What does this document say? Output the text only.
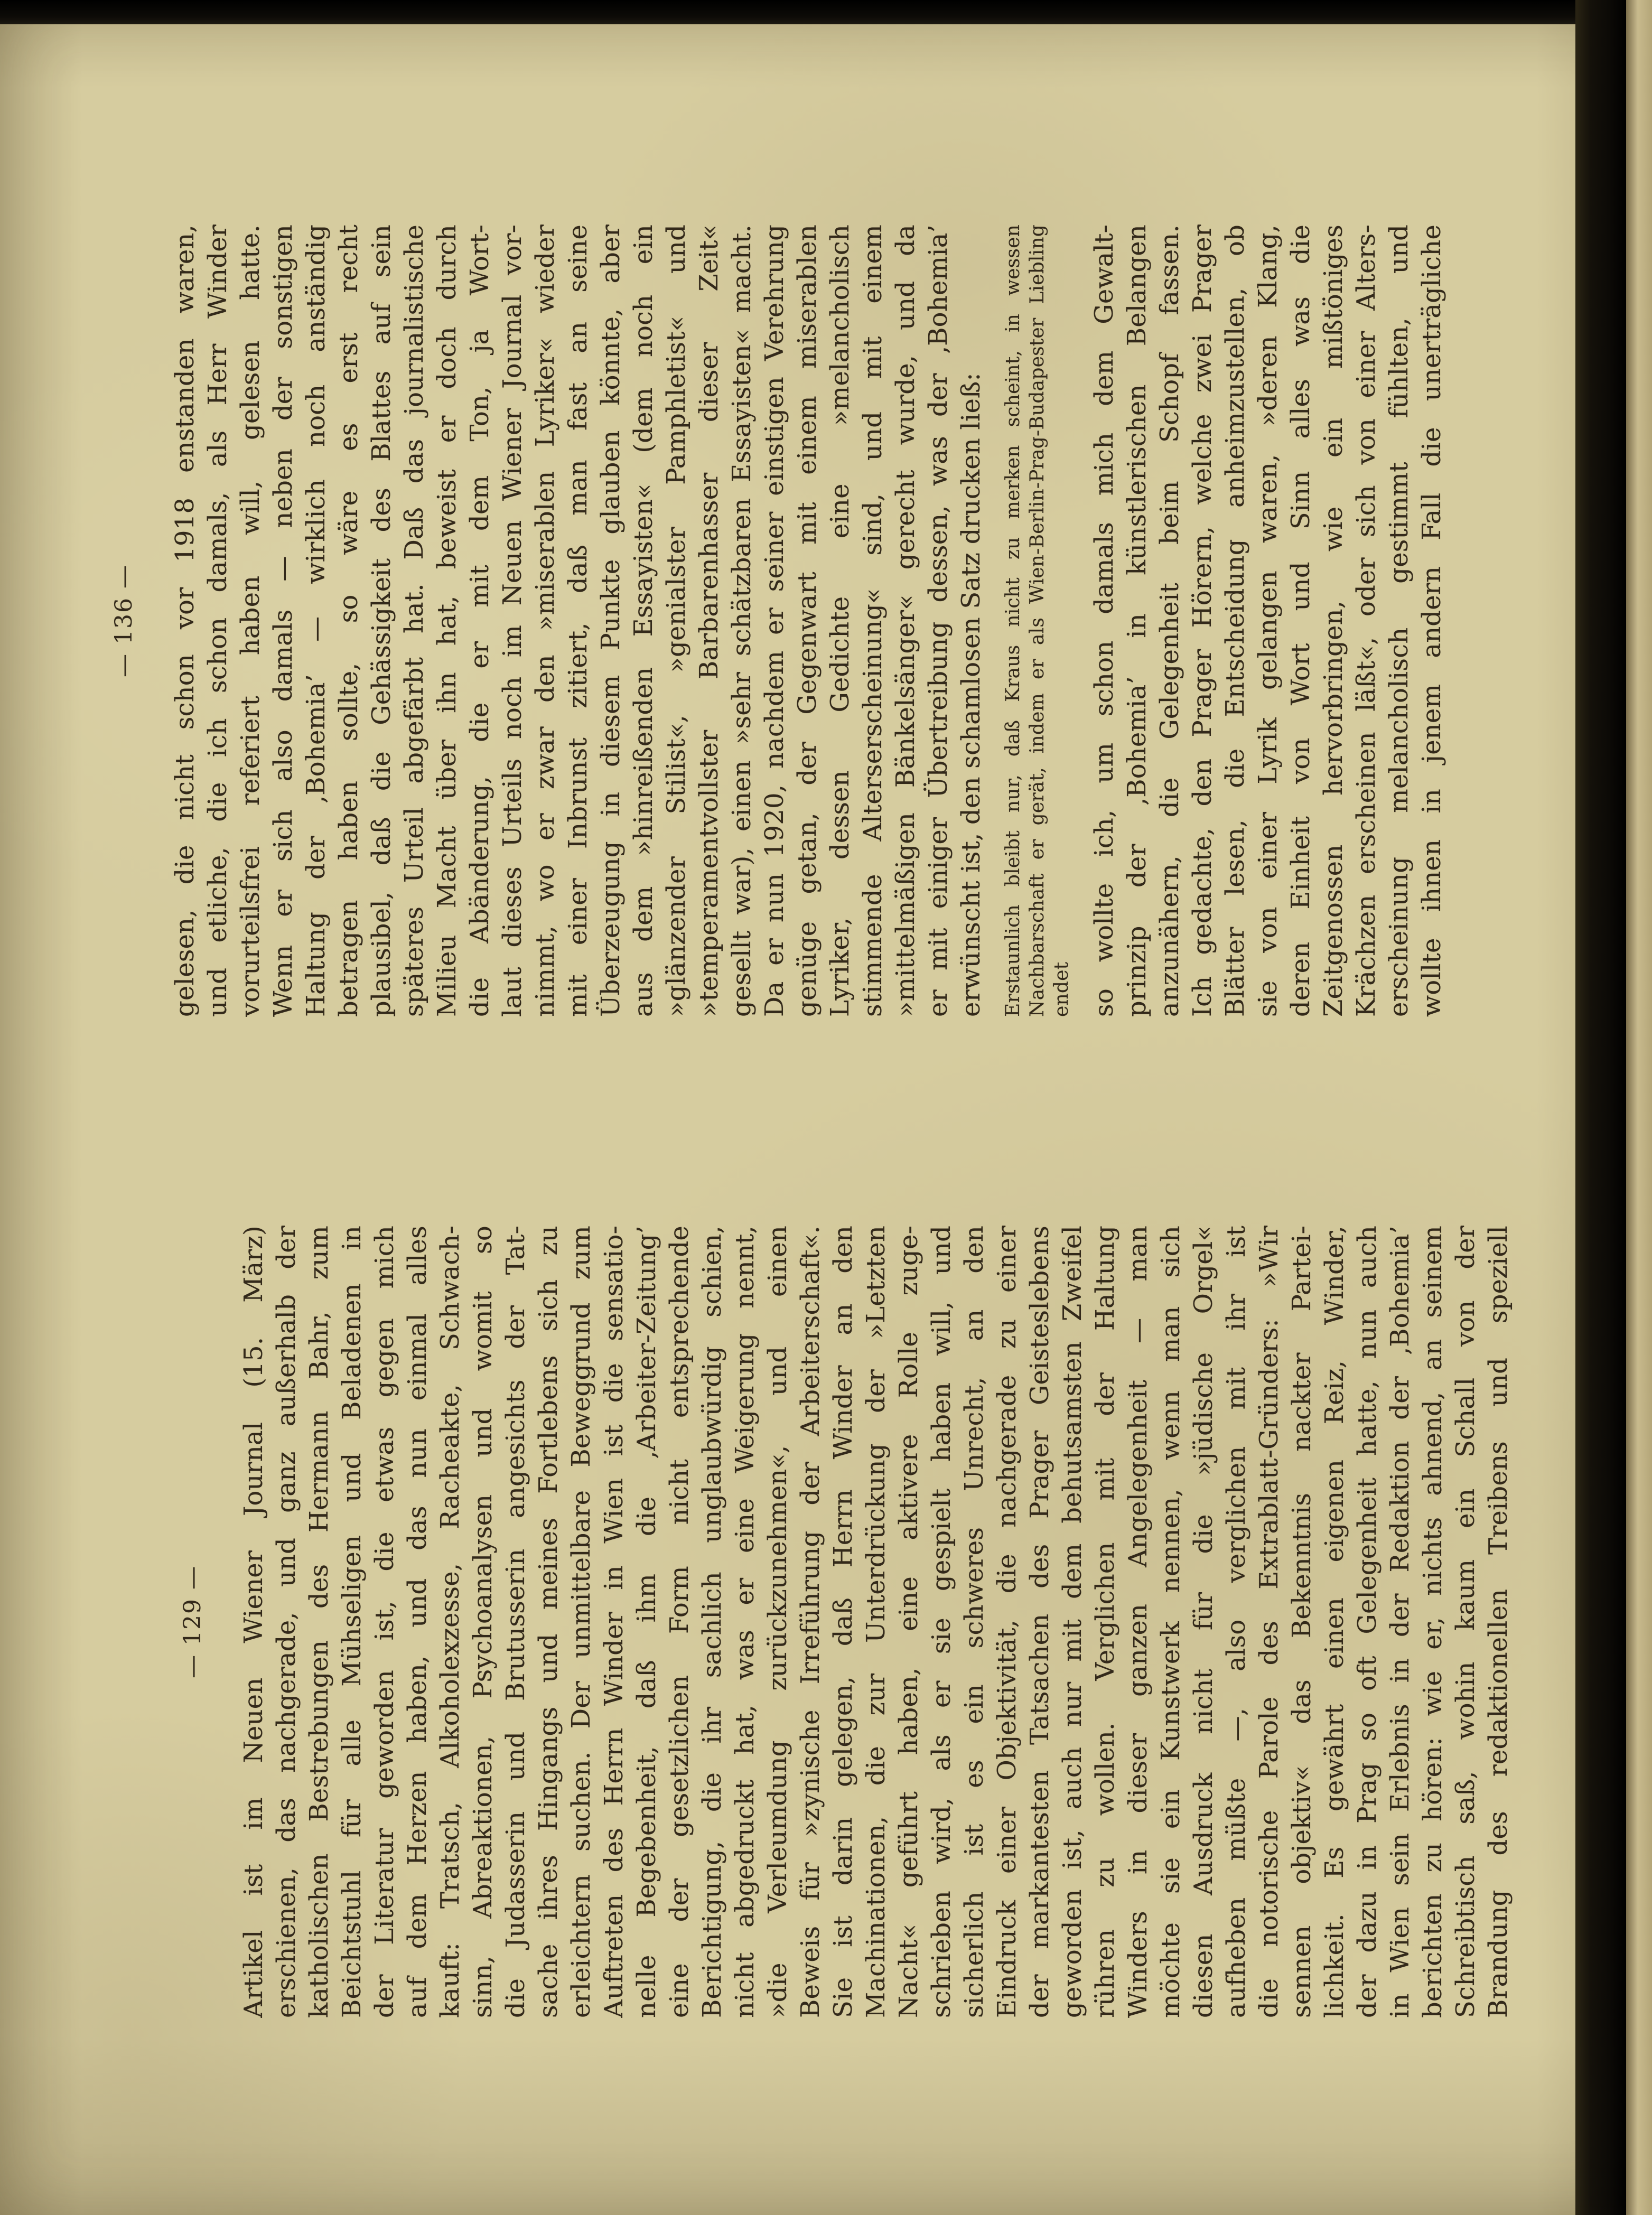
— 136 — gelesen, die nicht schon vor 1918 enstanden waren, und etliche, die ich schon damals, als Herr Winder vorurteilsfrei referiert haben will, gelesen hatte. Wenn er sich also damals — neben der sonstigen Haltung der ‚Bohemia’ — wirklich noch anständig betragen haben sollte, so wäre es erst recht plausibel, daß die Gehässigkeit des Blattes auf sein späteres Urteil abgefärbt hat. Daß das journalistische Milieu Macht über ihn hat, beweist er doch durch die Abänderung, die er mit dem Ton, ja Wort- laut dieses Urteils noch im Neuen Wiener Journal vor- nimmt, wo er zwar den »miserablen Lyriker« wieder mit einer Inbrunst zitiert, daß man fast an seine Überzeugung in diesem Punkte glauben könnte, aber aus dem »hinreißenden Essayisten« (dem noch ein »glänzender Stilist«, »genialster Pamphletist« und »temperamentvollster Barbarenhasser dieser Zeit« gesellt war), einen »sehr schätzbaren Essayisten« macht. Da er nun 1920, nachdem er seiner einstigen Verehrung genüge getan, der Gegenwart mit einem miserablen Lyriker, dessen Gedichte eine »melancholisch stimmende Alterserscheinung« sind, und mit einem »mittelmäßigen Bänkelsänger« gerecht wurde, und da er mit einiger Übertreibung dessen, was der ‚Bohemia’ erwünscht ist, den schamlosen Satz drucken ließ: Erstaunlich bleibt nur, daß Kraus nicht zu merken scheint, in wessen Nachbarschaft er gerät, indem er als Wien-Berlin-Prag-Budapester Liebling endet so wollte ich, um schon damals mich dem Gewalt- prinzip der ‚Bohemia’ in künstlerischen Belangen anzunähern, die Gelegenheit beim Schopf fassen. Ich gedachte, den Prager Hörern, welche zwei Prager Blätter lesen, die Entscheidung anheimzustellen, ob sie von einer Lyrik gelangen waren, »deren Klang, deren Einheit von Wort und Sinn alles was die Zeitgenossen hervorbringen, wie ein mißtöniges Krächzen erscheinen läßt«, oder sich von einer Alters- erscheinung melancholisch gestimmt fühlten, und wollte ihnen in jenem andern Fall die unerträgliche
— 129 — Artikel ist im Neuen Wiener Journal (15. März) erschienen, das nachgerade, und ganz außerhalb der katholischen Bestrebungen des Hermann Bahr, zum Beichtstuhl für alle Mühseligen und Beladenen in der Literatur geworden ist, die etwas gegen mich auf dem Herzen haben, und das nun einmal alles kauft: Tratsch, Alkoholexzesse, Racheakte, Schwach- sinn, Abreaktionen, Psychoanalysen und womit so die Judasserin und Brutusserin angesichts der Tat- sache ihres Hingangs und meines Fortlebens sich zu erleichtern suchen. Der unmittelbare Beweggrund zum Auftreten des Herrn Winder in Wien ist die sensatio- nelle Begebenheit, daß ihm die ‚Arbeiter-Zeitung’ eine der gesetzlichen Form nicht entsprechende Berichtigung, die ihr sachlich unglaubwürdig schien, nicht abgedruckt hat, was er eine Weigerung nennt, »die Verleumdung zurückzunehmen«, und einen Beweis für »zynische Irreführung der Arbeiterschaft«. Sie ist darin gelegen, daß Herrn Winder an den Machinationen, die zur Unterdrückung der »Letzten Nacht« geführt haben, eine aktivere Rolle zuge- schrieben wird, als er sie gespielt haben will, und sicherlich ist es ein schweres Unrecht, an den Eindruck einer Objektivität, die nachgerade zu einer der markantesten Tatsachen des Prager Geisteslebens geworden ist, auch nur mit dem behutsamsten Zweifel rühren zu wollen. Verglichen mit der Haltung Winders in dieser ganzen Angelegenheit — man möchte sie ein Kunstwerk nennen, wenn man sich diesen Ausdruck nicht für die »jüdische Orgel« aufheben müßte —, also verglichen mit ihr ist die notorische Parole des Extrablatt-Gründers: »Wir sennen objektiv« das Bekenntnis nackter Partei- lichkeit. Es gewährt einen eigenen Reiz, Winder, der dazu in Prag so oft Gelegenheit hatte, nun auch in Wien sein Erlebnis in der Redaktion der ‚Bohemia’ berichten zu hören: wie er, nichts ahnend, an seinem Schreibtisch saß, wohin kaum ein Schall von der Brandung des redaktionellen Treibens und speziell
